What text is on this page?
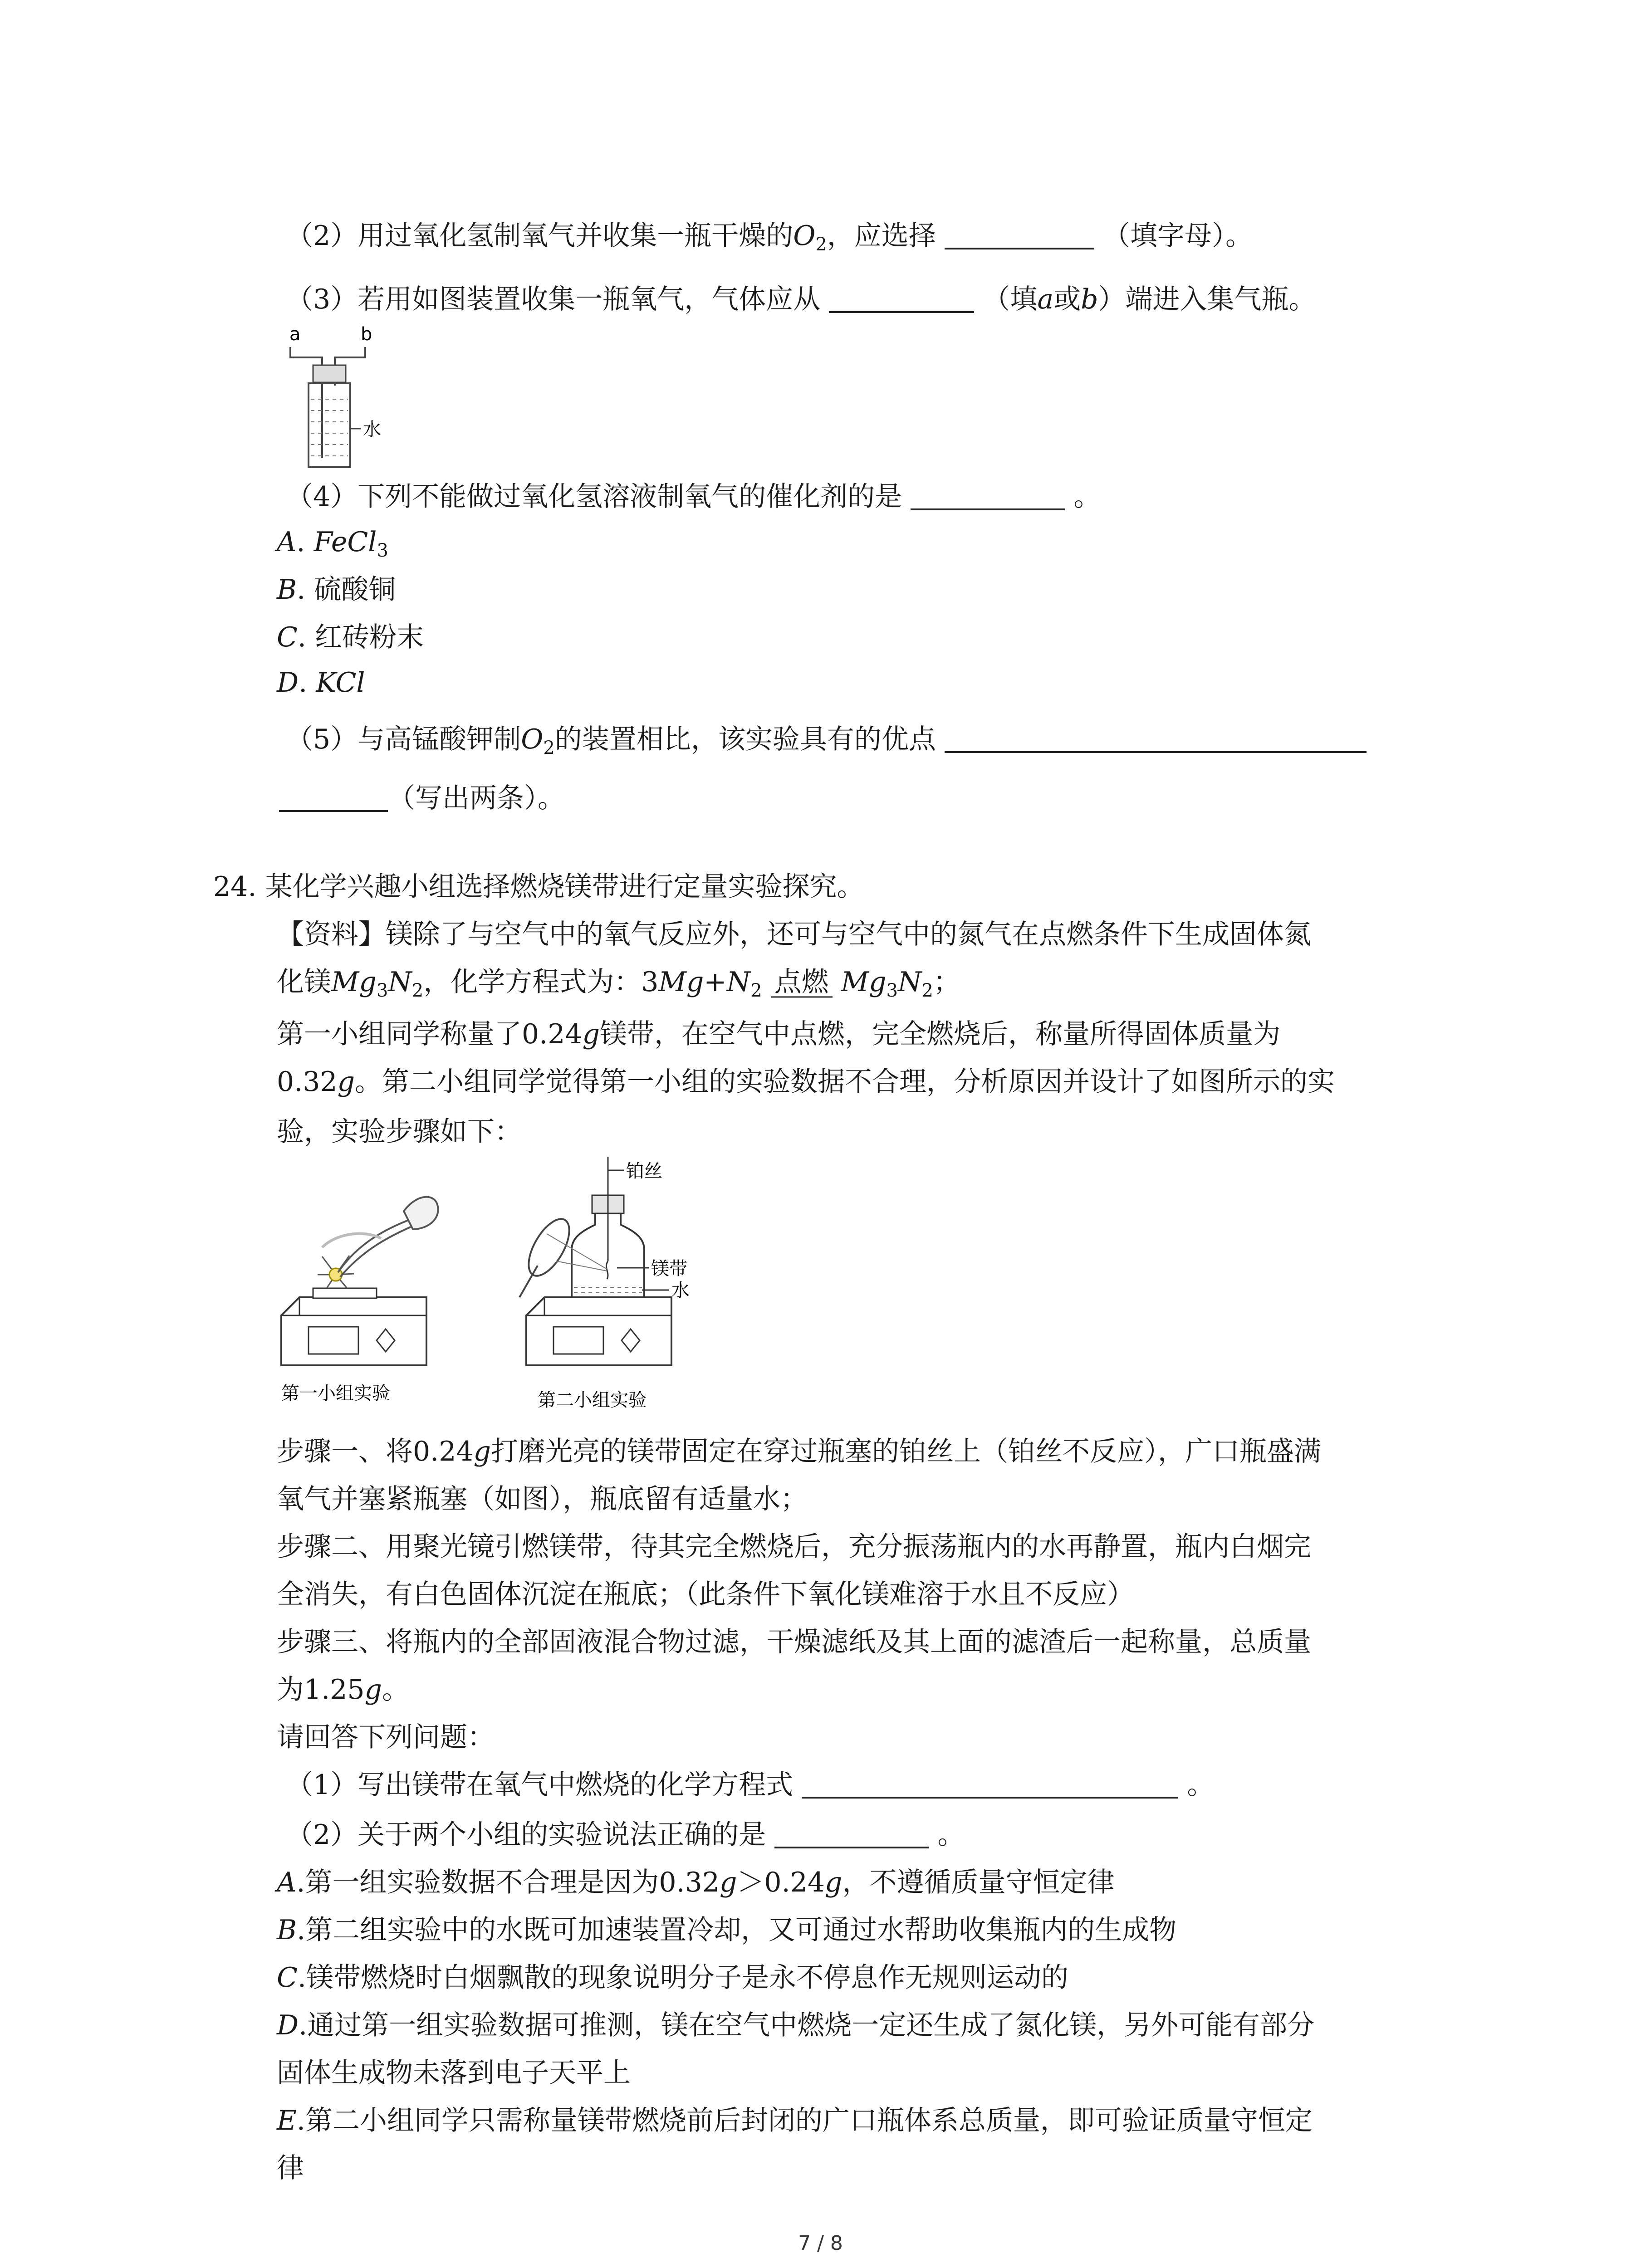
（2）用过氧化氢制氧气并收集一瓶干燥的$O_2$，应选择	（填字母）。
（3）若用如图装置收集一瓶氧气，气体应从	（填a或b）端进入集气瓶。
a	b
水
（4）下列不能做过氧化氢溶液制氧气的催化剂的是	。
A. FeCl$_3$
B. 硫酸铜
C. 红砖粉末
D. KCl
（5）与高锰酸钾制$O_2$的装置相比，该实验具有的优点
（写出两条）。
24. 某化学兴趣小组选择燃烧镁带进行定量实验探究。
【资料】镁除了与空气中的氧气反应外，还可与空气中的氮气在点燃条件下生成固体氮
化镁$Mg_3N_2$，化学方程式为：$3Mg+N_2$ 点燃 $Mg_3N_2$；
第一小组同学称量了0.24g镁带，在空气中点燃，完全燃烧后，称量所得固体质量为
0.32g。第二小组同学觉得第一小组的实验数据不合理，分析原因并设计了如图所示的实
验，实验步骤如下：
铂丝
镁带
水
第一小组实验	第二小组实验
步骤一、将0.24g打磨光亮的镁带固定在穿过瓶塞的铂丝上（铂丝不反应），广口瓶盛满
氧气并塞紧瓶塞（如图），瓶底留有适量水；
步骤二、用聚光镜引燃镁带，待其完全燃烧后，充分振荡瓶内的水再静置，瓶内白烟完
全消失，有白色固体沉淀在瓶底；（此条件下氧化镁难溶于水且不反应）
步骤三、将瓶内的全部固液混合物过滤，干燥滤纸及其上面的滤渣后一起称量，总质量
为1.25g。
请回答下列问题：
（1）写出镁带在氧气中燃烧的化学方程式	。
（2）关于两个小组的实验说法正确的是	。
A.第一组实验数据不合理是因为0.32g＞0.24g，不遵循质量守恒定律
B.第二组实验中的水既可加速装置冷却，又可通过水帮助收集瓶内的生成物
C.镁带燃烧时白烟飘散的现象说明分子是永不停息作无规则运动的
D.通过第一组实验数据可推测，镁在空气中燃烧一定还生成了氮化镁，另外可能有部分
固体生成物未落到电子天平上
E.第二小组同学只需称量镁带燃烧前后封闭的广口瓶体系总质量，即可验证质量守恒定
律
7 / 8
